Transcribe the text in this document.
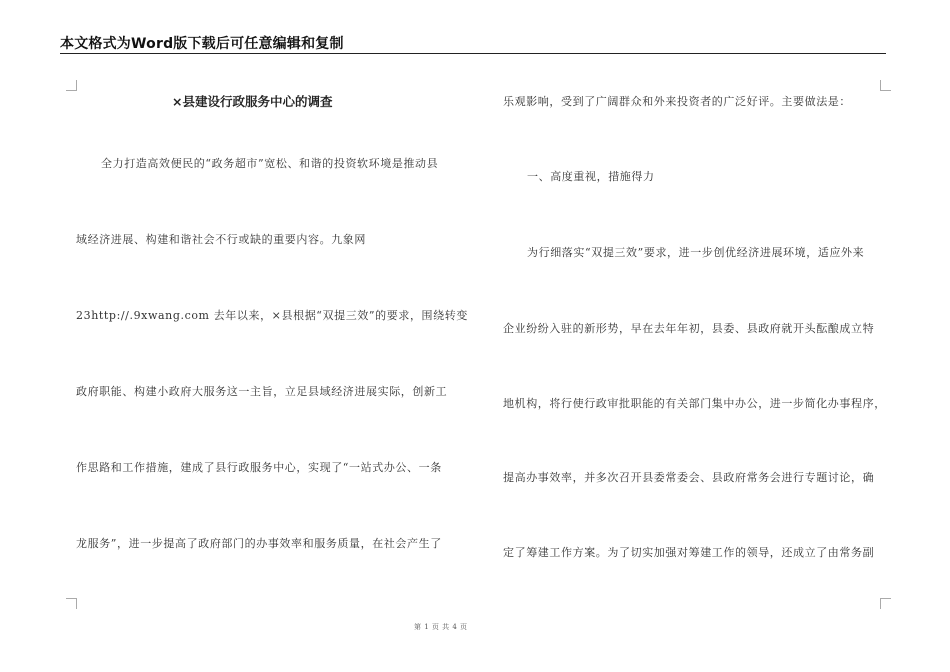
本文格式为Word版下载后可任意编辑和复制
×县建设行政服务中心的调查
全力打造高效便民的“政务超市”宽松、和谐的投资软环境是推动县
域经济进展、构建和谐社会不行或缺的重要内容。九象网
23http://.9xwang.com 去年以来，×县根据“双提三效”的要求，围绕转变
政府职能、构建小政府大服务这一主旨，立足县域经济进展实际，创新工
作思路和工作措施，建成了县行政服务中心，实现了“一站式办公、一条
龙服务”，进一步提高了政府部门的办事效率和服务质量，在社会产生了
乐观影响，受到了广阔群众和外来投资者的广泛好评。主要做法是：
一、高度重视，措施得力
为行细落实“双提三效”要求，进一步创优经济进展环境，适应外来
企业纷纷入驻的新形势，早在去年年初，县委、县政府就开头酝酿成立特
地机构，将行使行政审批职能的有关部门集中办公，进一步简化办事程序，
提高办事效率，并多次召开县委常委会、县政府常务会进行专题讨论，确
定了筹建工作方案。为了切实加强对筹建工作的领导，还成立了由常务副
第 1 页 共 4 页
